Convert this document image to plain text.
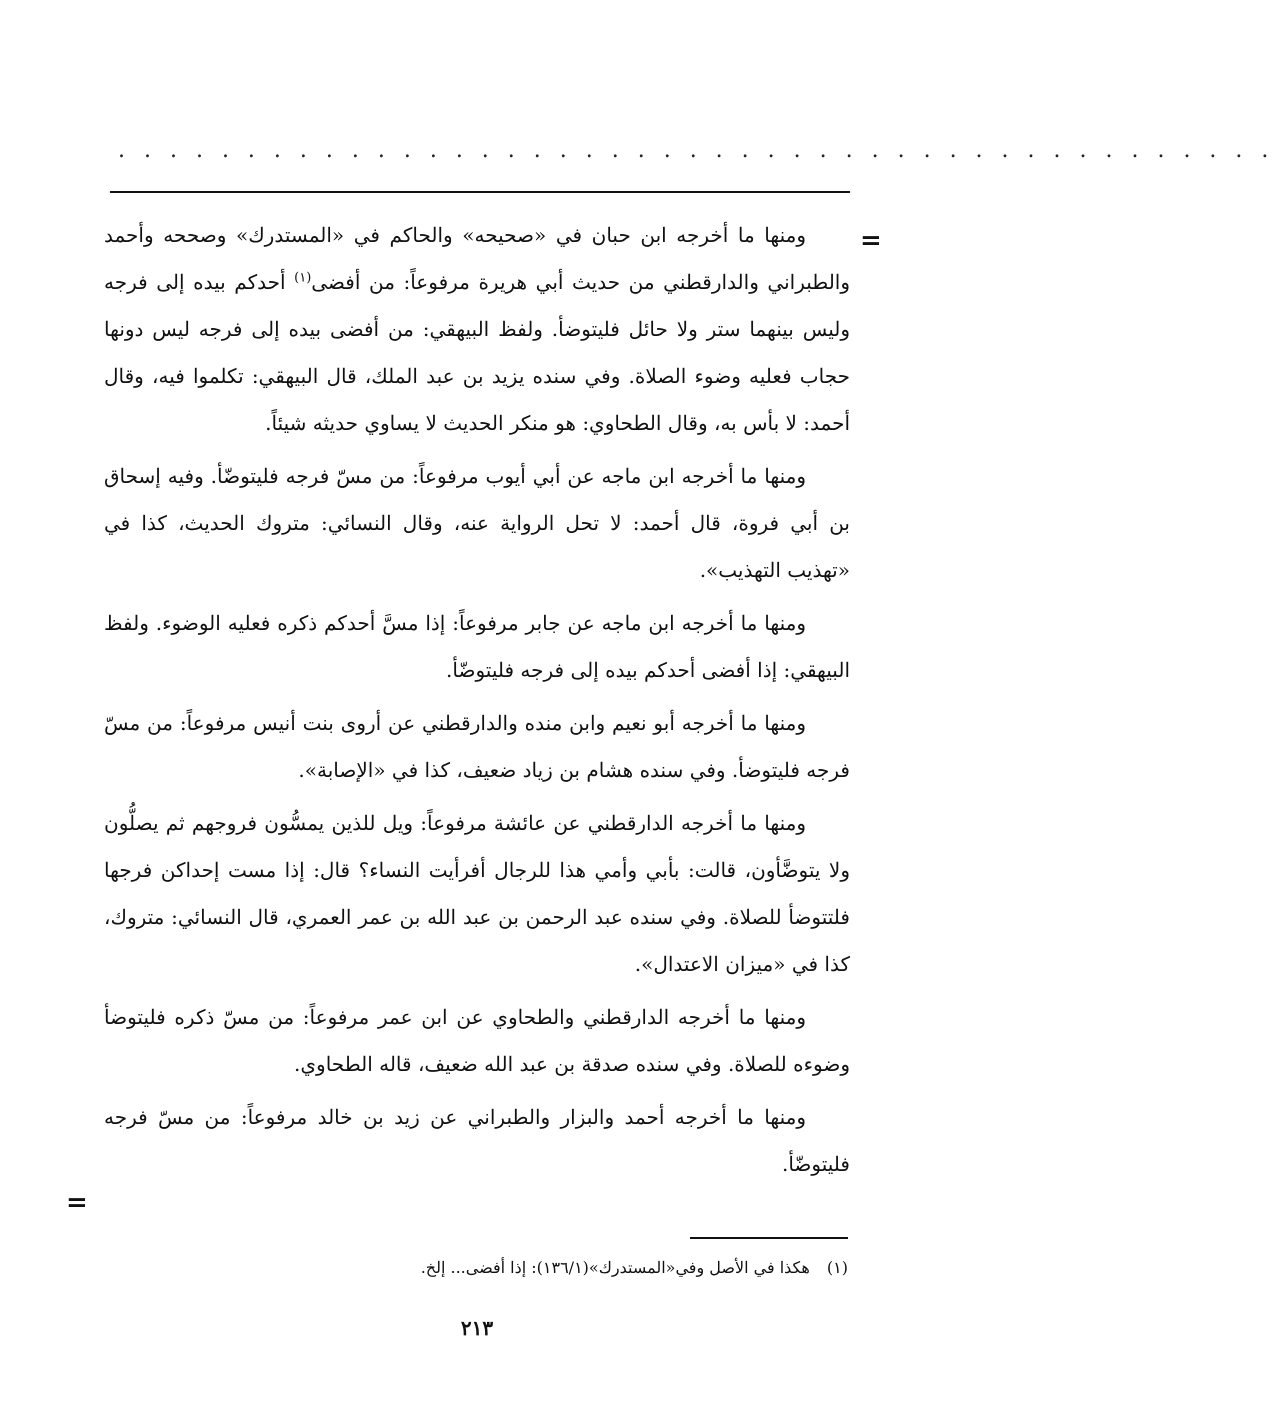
. . . . . . . . . . . . . . . . . . . . . . . . . . . . . . . . . . . . . . . . . . . . .
=

ومنها ما أخرجه ابن حبان في «صحيحه» والحاكم في «المستدرك» وصححه وأحمد والطبراني والدارقطني من حديث أبي هريرة مرفوعاً: من أفضى$^{(١)}$ أحدكم بيده إلى فرجه وليس بينهما ستر ولا حائل فليتوضأ. ولفظ البيهقي: من أفضى بيده إلى فرجه ليس دونها حجاب فعليه وضوء الصلاة. وفي سنده يزيد بن عبد الملك، قال البيهقي: تكلموا فيه، وقال أحمد: لا بأس به، وقال الطحاوي: هو منكر الحديث لا يساوي حديثه شيئاً.

ومنها ما أخرجه ابن ماجه عن أبي أيوب مرفوعاً: من مسّ فرجه فليتوضّأ. وفيه إسحاق بن أبي فروة، قال أحمد: لا تحل الرواية عنه، وقال النسائي: متروك الحديث، كذا في «تهذيب التهذيب».

ومنها ما أخرجه ابن ماجه عن جابر مرفوعاً: إذا مسَّ أحدكم ذكره فعليه الوضوء. ولفظ البيهقي: إذا أفضى أحدكم بيده إلى فرجه فليتوضّأ.

ومنها ما أخرجه أبو نعيم وابن منده والدارقطني عن أروى بنت أنيس مرفوعاً: من مسّ فرجه فليتوضأ. وفي سنده هشام بن زياد ضعيف، كذا في «الإصابة».

ومنها ما أخرجه الدارقطني عن عائشة مرفوعاً: ويل للذين يمسُّون فروجهم ثم يصلُّون ولا يتوضَّأون، قالت: بأبي وأمي هذا للرجال أفرأيت النساء؟ قال: إذا مست إحداكن فرجها فلتتوضأ للصلاة. وفي سنده عبد الرحمن بن عبد الله بن عمر العمري، قال النسائي: متروك، كذا في «ميزان الاعتدال».

ومنها ما أخرجه الدارقطني والطحاوي عن ابن عمر مرفوعاً: من مسّ ذكره فليتوضأ وضوءه للصلاة. وفي سنده صدقة بن عبد الله ضعيف، قاله الطحاوي.

ومنها ما أخرجه أحمد والبزار والطبراني عن زيد بن خالد مرفوعاً: من مسّ فرجه فليتوضّأ.

=
(١) هكذا في الأصل وفي«المستدرك»(١٣٦/١): إذا أفضى... إلخ.
٢١٣
